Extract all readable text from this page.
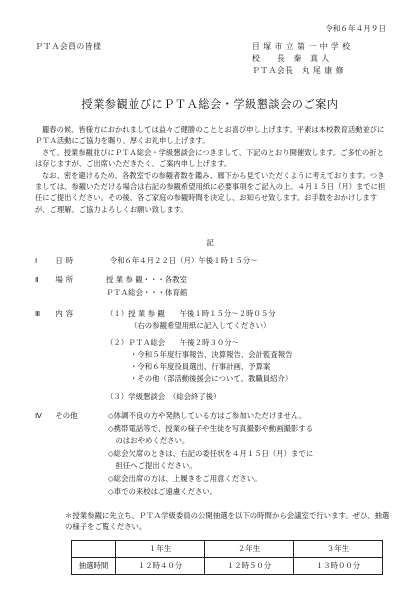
令和６年４月９日
ＰＴＡ会員の皆様	目 塚 市 立 第 一 中 学 校
校　　長　秦　真 人
ＰＴＡ会長　丸 尾 康 修
授業参観並びにＰＴＡ総会・学級懇談会のご案内

麗春の候、皆様方におかれましては益々ご健勝のこととお喜び申し上げます。平素は本校教育活動並びにＰＴＡ活動にご協力を賜り、厚くお礼申し上げます。

さて、授業参観並びにＰＴＡ総会・学級懇談会につきまして、下記のとおり開催致します。ご多忙の折とは存じますが、ご出席いただきたく、ご案内申し上げます。

なお、密を避けるため、各教室での参観者数を鑑み、廊下から見ていただくように考えております。つきましては、参観いただける場合は右記の参観希望用紙に必要事項をご記入の上、４月１５日（月）までに担任にご提出ください。その後、各ご家庭の参観時間を決定し、お知らせ致します。お手数をおかけしますが、ご理解、ご協力よろしくお願い致します。

記
Ⅰ 日時	令和６年４月２２日（月）午後１時１５分～
Ⅱ 場所	授 業 参 観・・・各教室
ＰＴＡ総会・・・体育館
Ⅲ 内容	（１）授 業 参 観　　午後１時１５分～２時０５分
（右の参観希望用紙に記入してください）
（２）ＰＴＡ総会　　午後２時３０分～
・令和５年度行事報告、決算報告、会計監査報告
・令和６年度役員選出、行事計画、予算案
・その他（部活動後援会について、教職員紹介）
（３）学級懇談会　（総会終了後）
Ⅳ その他	◇体調不良の方や発熱している方はご参加いただけません。
◇携帯電話等で、授業の様子や生徒を写真撮影や動画撮影する
　のはおやめください。
◇総会欠席のときは、右記の委任状を４月１５日（月）までに
　担任へご提出ください。
◇総会出席の方は、上履きをご用意ください。
◇車での来校はご遠慮ください。
＊授業参観に先立ち、ＰＴＡ学級委員の公開抽選を以下の時間から会議室で行います。ぜひ、抽選の様子をご覧ください。
	１年生	２年生	３年生
抽選時間	１２時４０分	１２時５０分	１３時００分
